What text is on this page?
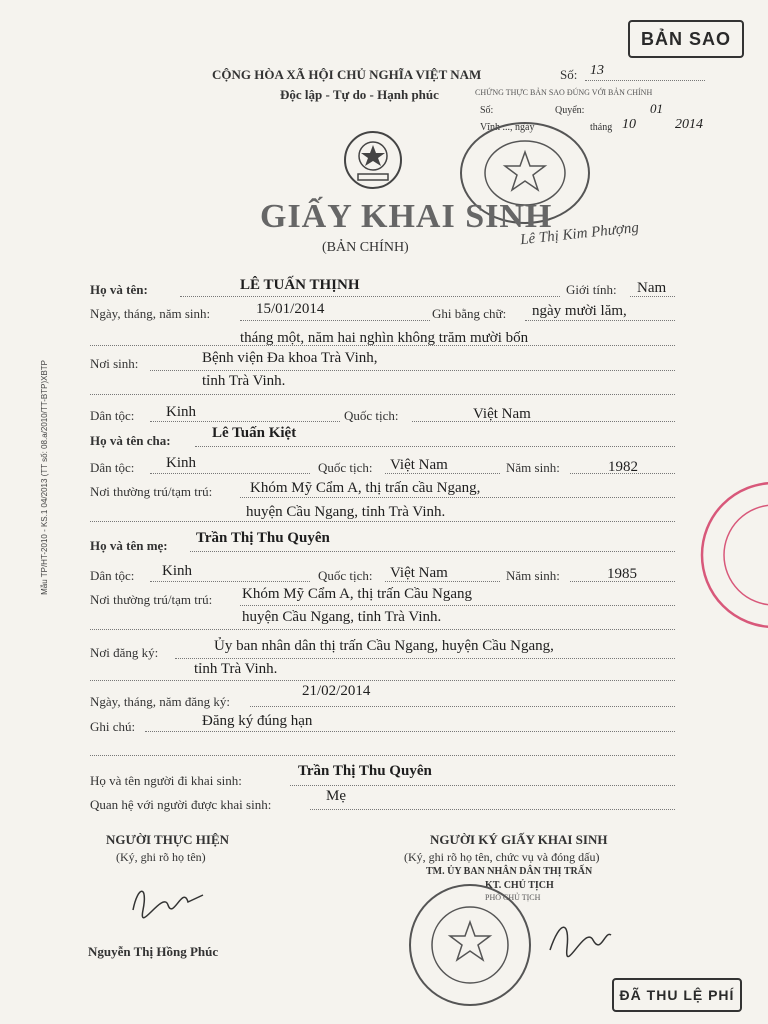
Mẫu TP/HT-2010 - KS.1 04/2013 (TT số: 08.a/2010/TT-BTP)XBTP
BẢN SAO
CỘNG HÒA XÃ HỘI CHỦ NGHĨA VIỆT NAM
Độc lập - Tự do - Hạnh phúc
Số: 13
CHỨNG THỰC BẢN SAO ĐÚNG VỚI BẢN CHÍNH
Số:	Quyển:	01
Vĩnh ..., ngày	tháng 10	2014
Lê Thị Kim Phượng
GIẤY KHAI SINH
(BẢN CHÍNH)
Họ và tên:	LÊ TUẤN THỊNH	Giới tính: Nam
Ngày, tháng, năm sinh:	15/01/2014	Ghi bằng chữ: ngày mười lăm,
tháng một, năm hai nghìn không trăm mười bốn
Nơi sinh:	Bệnh viện Đa khoa Trà Vinh,
tỉnh Trà Vinh.
Dân tộc: Kinh	Quốc tịch:	Việt Nam
Họ và tên cha:	Lê Tuấn Kiệt
Dân tộc: Kinh	Quốc tịch: Việt Nam	Năm sinh:	1982
Nơi thường trú/tạm trú:	Khóm Mỹ Cẩm A, thị trấn cầu Ngang,
huyện Cầu Ngang, tỉnh Trà Vinh.
Họ và tên mẹ: Trần Thị Thu Quyên
Dân tộc: Kinh	Quốc tịch: Việt Nam	Năm sinh:	1985
Nơi thường trú/tạm trú: Khóm Mỹ Cẩm A, thị trấn Cầu Ngang
huyện Cầu Ngang, tỉnh Trà Vinh.
Nơi đăng ký:	Ủy ban nhân dân thị trấn Cầu Ngang, huyện Cầu Ngang,
tỉnh Trà Vinh.
Ngày, tháng, năm đăng ký:
21/02/2014
Ghi chú:	Đăng ký đúng hạn
Họ và tên người đi khai sinh:
Trần Thị Thu Quyên
Quan hệ với người được khai sinh:
Mẹ
NGƯỜI THỰC HIỆN
(Ký, ghi rõ họ tên)
Nguyễn Thị Hồng Phúc
NGƯỜI KÝ GIẤY KHAI SINH
(Ký, ghi rõ họ tên, chức vụ và đóng dấu)
TM. ỦY BAN NHÂN DÂN THỊ TRẤN
KT. CHỦ TỊCH
PHÓ CHỦ TỊCH
ĐÃ THU LỆ PHÍ
